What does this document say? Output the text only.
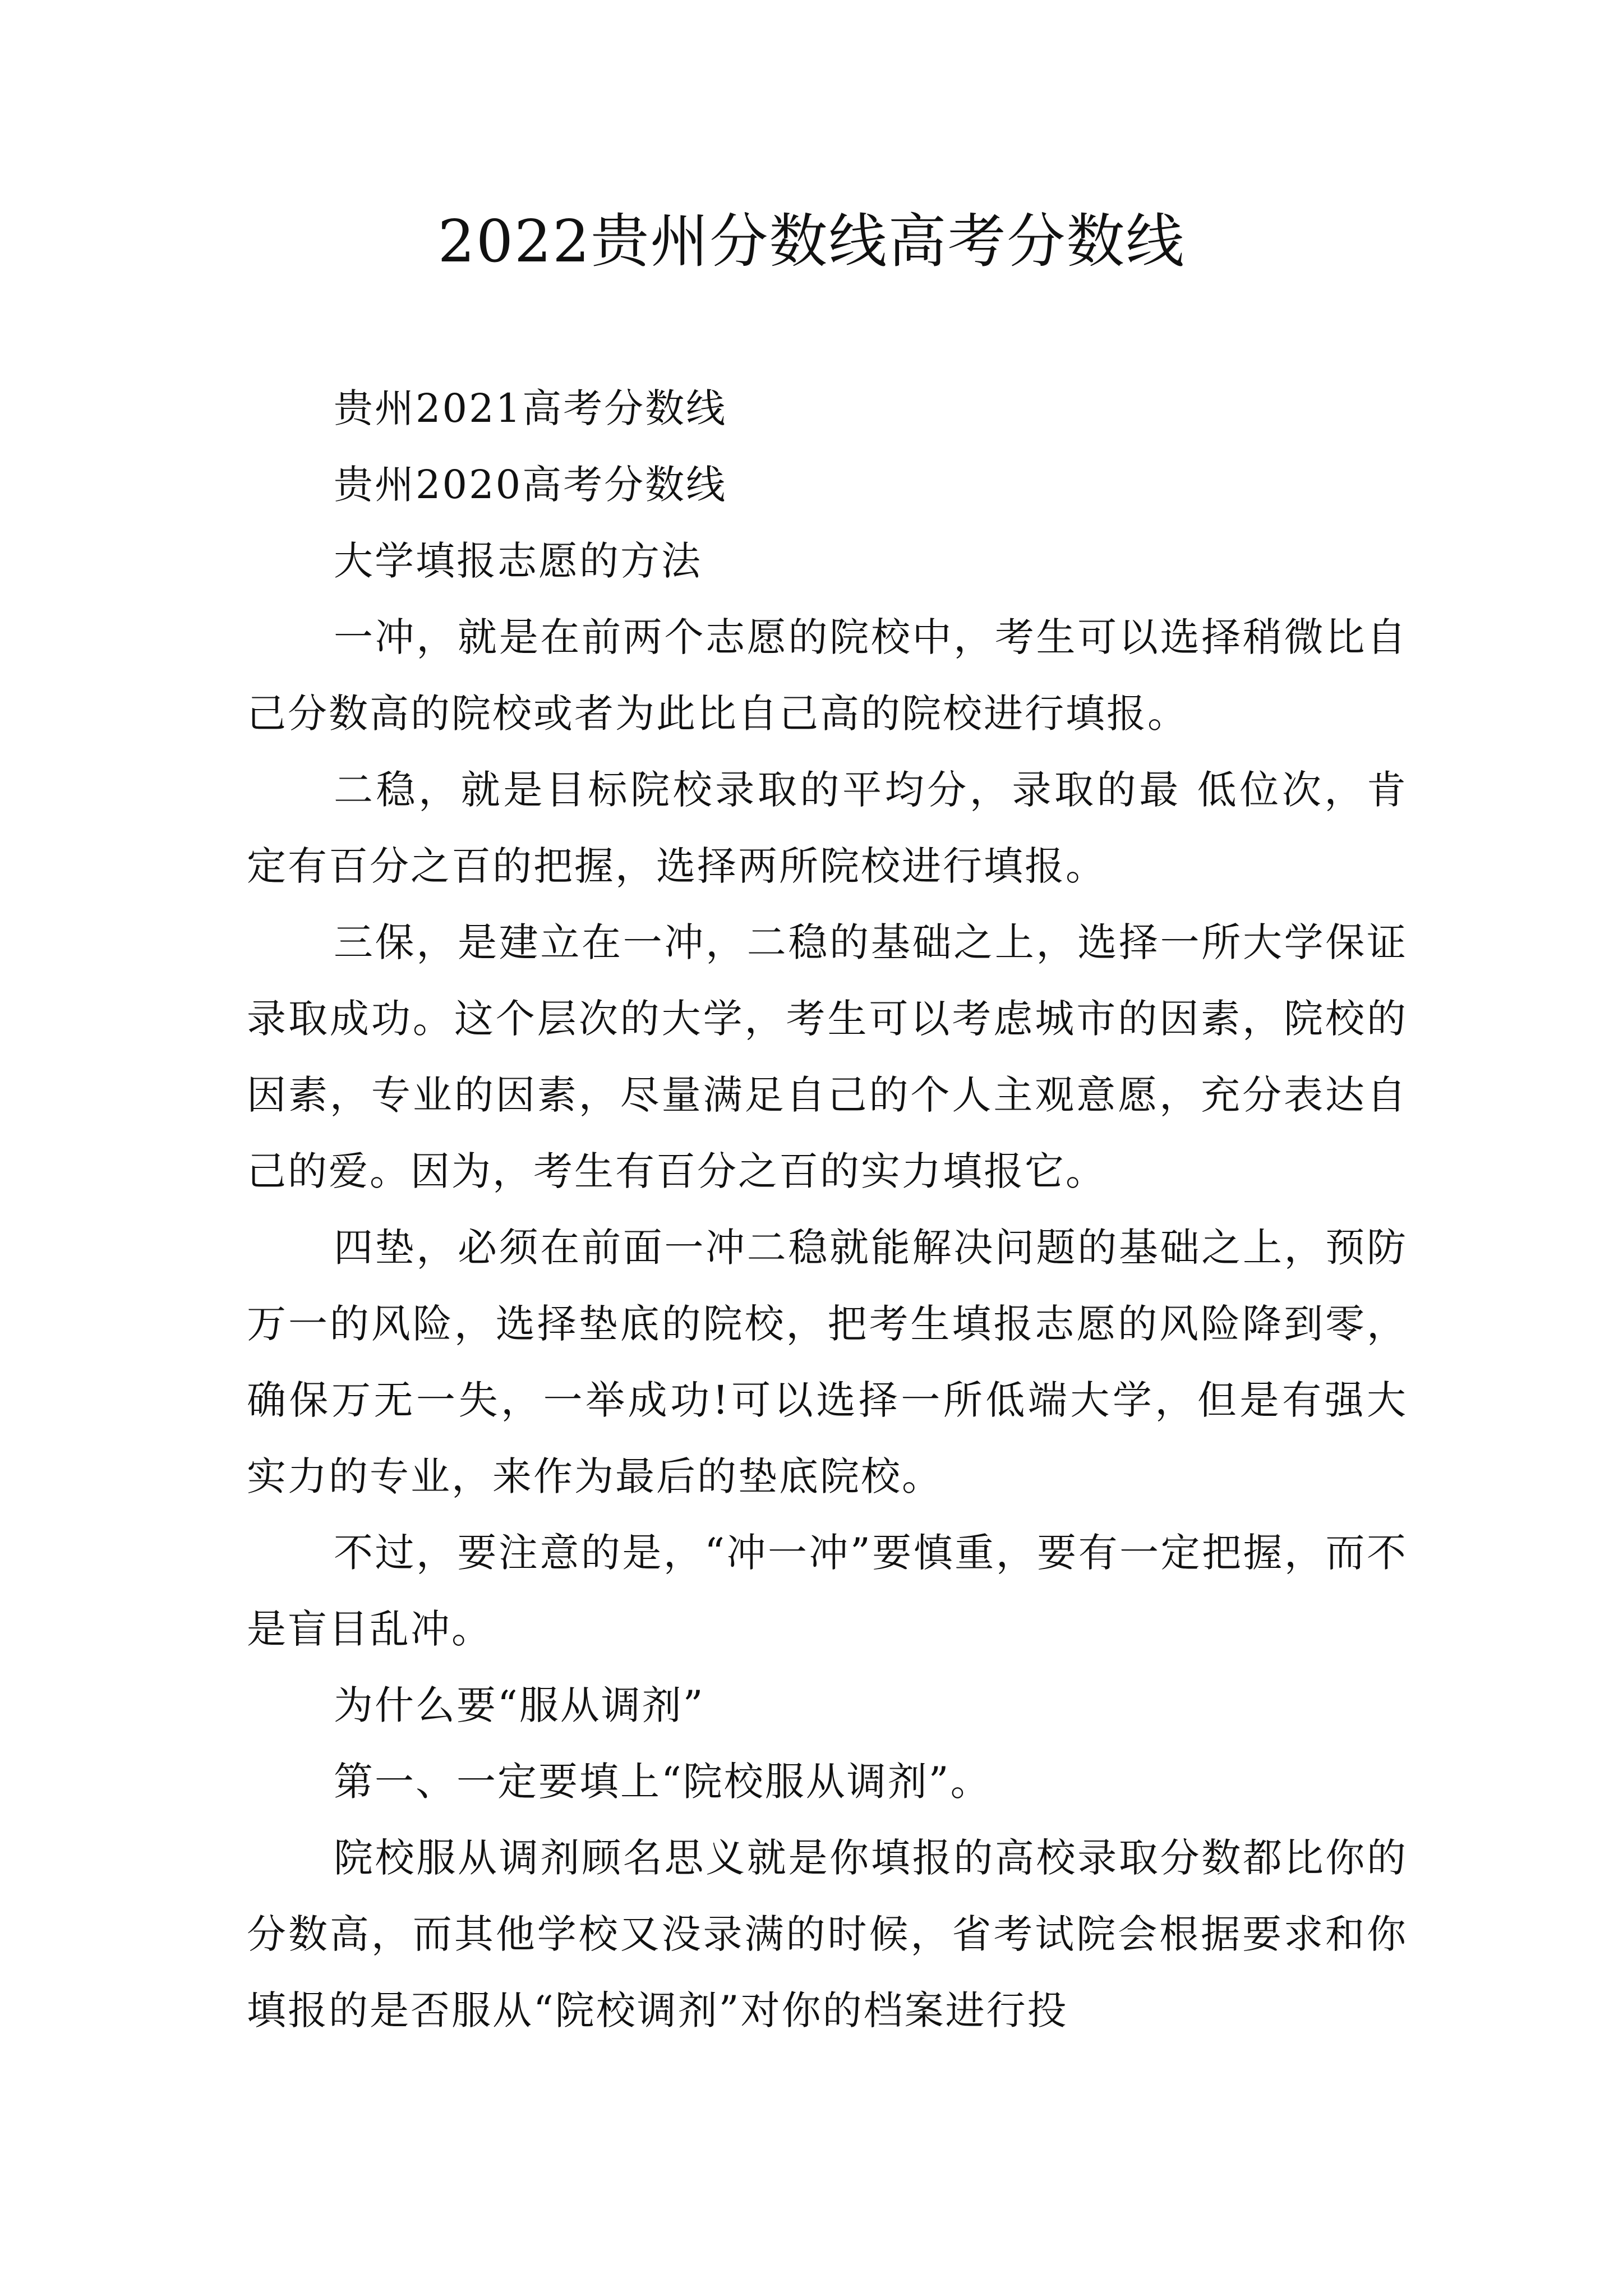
2022贵州分数线高考分数线

贵州2021高考分数线

贵州2020高考分数线

大学填报志愿的方法

一冲，就是在前两个志愿的院校中，考生可以选择稍微比自己分数高的院校或者为此比自己高的院校进行填报。

二稳，就是目标院校录取的平均分，录取的最 低位次，肯定有百分之百的把握，选择两所院校进行填报。

三保，是建立在一冲，二稳的基础之上，选择一所大学保证录取成功。这个层次的大学，考生可以考虑城市的因素，院校的因素，专业的因素，尽量满足自己的个人主观意愿，充分表达自己的爱。因为，考生有百分之百的实力填报它。

四垫，必须在前面一冲二稳就能解决问题的基础之上，预防万一的风险，选择垫底的院校，把考生填报志愿的风险降到零，确保万无一失，一举成功!可以选择一所低端大学，但是有强大实力的专业，来作为最后的垫底院校。

不过，要注意的是，“冲一冲”要慎重，要有一定把握，而不是盲目乱冲。

为什么要“服从调剂”

第一、一定要填上“院校服从调剂”。

院校服从调剂顾名思义就是你填报的高校录取分数都比你的分数高，而其他学校又没录满的时候，省考试院会根据要求和你填报的是否服从“院校调剂”对你的档案进行投
